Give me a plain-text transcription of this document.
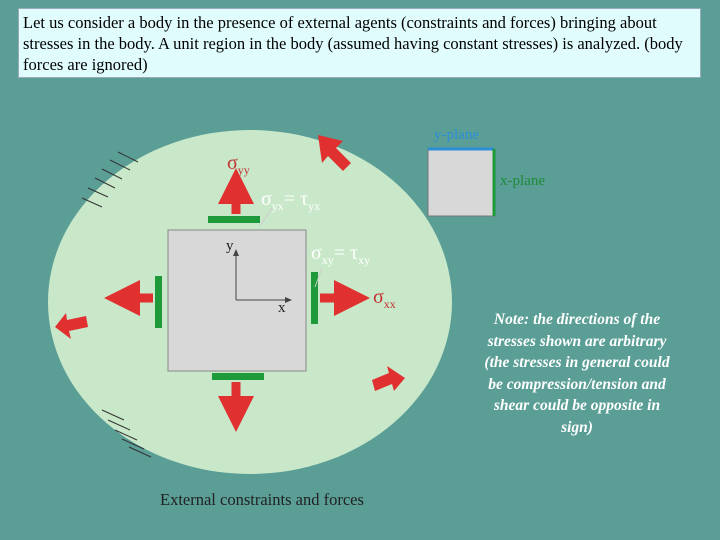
Let us consider a body in the presence of external agents (constraints and forces) bringing about stresses in the body. A unit region in the body (assumed having constant stresses) is analyzed. (body forces are ignored)
y
x
$\sigma_{yy}$
$\sigma_{yx}= \tau_{yx}$
$\sigma_{xy}= \tau_{xy}$
$\sigma_{xx}$
y-plane
x-plane
Note: the directions of the stresses shown are arbitrary (the stresses in general could be compression/tension and shear could be opposite in sign)
External constraints and forces
